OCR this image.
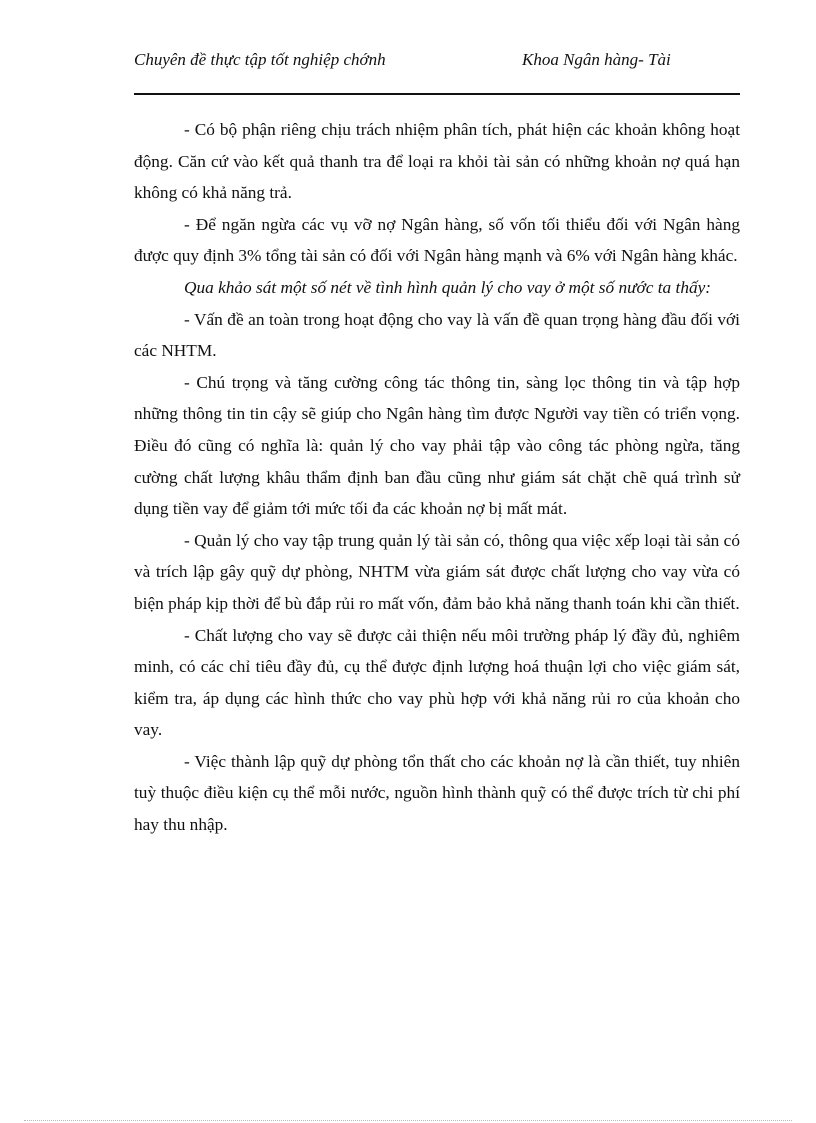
Chuyên đề thực tập tốt nghiệp chớnh	Khoa Ngân hàng- Tài

- Có bộ phận riêng chịu trách nhiệm phân tích, phát hiện các khoản không hoạt động. Căn cứ vào kết quả thanh tra để loại ra khỏi tài sản có những khoản nợ quá hạn không có khả năng trả.

- Để ngăn ngừa các vụ vỡ nợ Ngân hàng, số vốn tối thiểu đối với Ngân hàng được quy định 3% tổng tài sản có đối với Ngân hàng mạnh và 6% với Ngân hàng khác.

Qua khảo sát một số nét về tình hình quản lý cho vay ở một số nước ta thấy:

- Vấn đề an toàn trong hoạt động cho vay là vấn đề quan trọng hàng đầu đối với các NHTM.

- Chú trọng và tăng cường công tác thông tin, sàng lọc thông tin và tập hợp những thông tin tin cậy sẽ giúp cho Ngân hàng tìm được Người vay tiền có triển vọng. Điều đó cũng có nghĩa là: quản lý cho vay phải tập vào công tác phòng ngừa, tăng cường chất lượng khâu thẩm định ban đầu cũng như giám sát chặt chẽ quá trình sử dụng tiền vay để giảm tới mức tối đa các khoản nợ bị mất mát.

- Quản lý cho vay tập trung quản lý tài sản có, thông qua việc xếp loại tài sản có và trích lập gây quỹ dự phòng, NHTM vừa giám sát được chất lượng cho vay vừa có biện pháp kịp thời để bù đắp rủi ro mất vốn, đảm bảo khả năng thanh toán khi cần thiết.

- Chất lượng cho vay sẽ được cải thiện nếu môi trường pháp lý đầy đủ, nghiêm minh, có các chỉ tiêu đầy đủ, cụ thể được định lượng hoá thuận lợi cho việc giám sát, kiểm tra, áp dụng các hình thức cho vay phù hợp với khả năng rủi ro của khoản cho vay.

- Việc thành lập quỹ dự phòng tổn thất cho các khoản nợ là cần thiết, tuy nhiên tuỳ thuộc điều kiện cụ thể mỗi nước, nguồn hình thành quỹ có thể được trích từ chi phí hay thu nhập.
